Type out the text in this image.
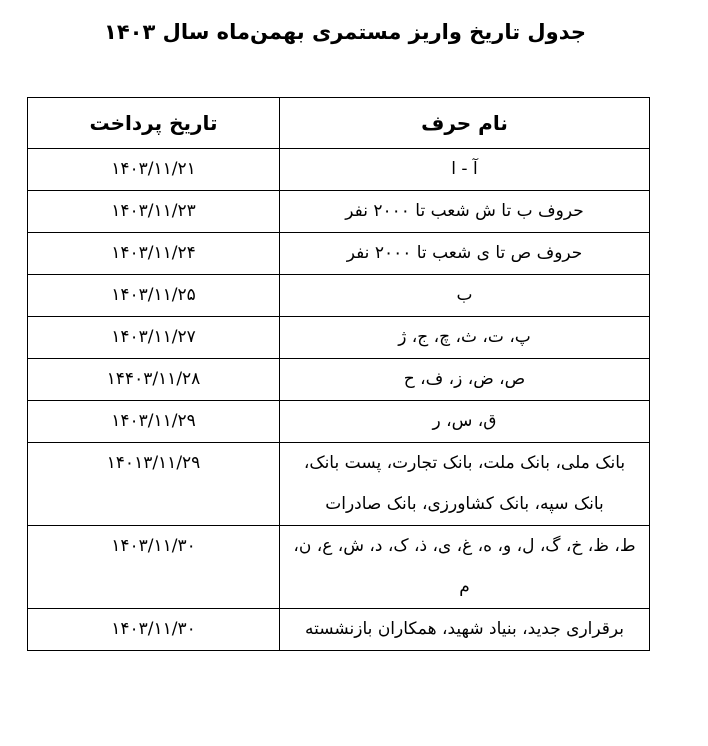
جدول تاریخ واریز مستمری بهمن‌ماه سال ۱۴۰۳
نام حرف	تاریخ پرداخت
آ - ا	۱۴۰۳/۱۱/۲۱
حروف ب تا ش شعب تا ۲۰۰۰ نفر	۱۴۰۳/۱۱/۲۳
حروف ص تا ی شعب تا ۲۰۰۰ نفر	۱۴۰۳/۱۱/۲۴
ب	۱۴۰۳/۱۱/۲۵
پ، ت، ث، چ، ج، ژ	۱۴۰۳/۱۱/۲۷
ص، ض، ز، ف، ح	۱۴۴۰۳/۱۱/۲۸
ق، س، ر	۱۴۰۳/۱۱/۲۹
بانک ملی، بانک ملت، بانک تجارت، پست بانک، بانک سپه، بانک کشاورزی، بانک صادرات	۱۴۰۱۳/۱۱/۲۹
ط، ظ، خ، گ، ل، و، ه، غ، ی، ذ، ک، د، ش، ع، ن، م	۱۴۰۳/۱۱/۳۰
برقراری جدید، بنیاد شهید، همکاران بازنشسته	۱۴۰۳/۱۱/۳۰
